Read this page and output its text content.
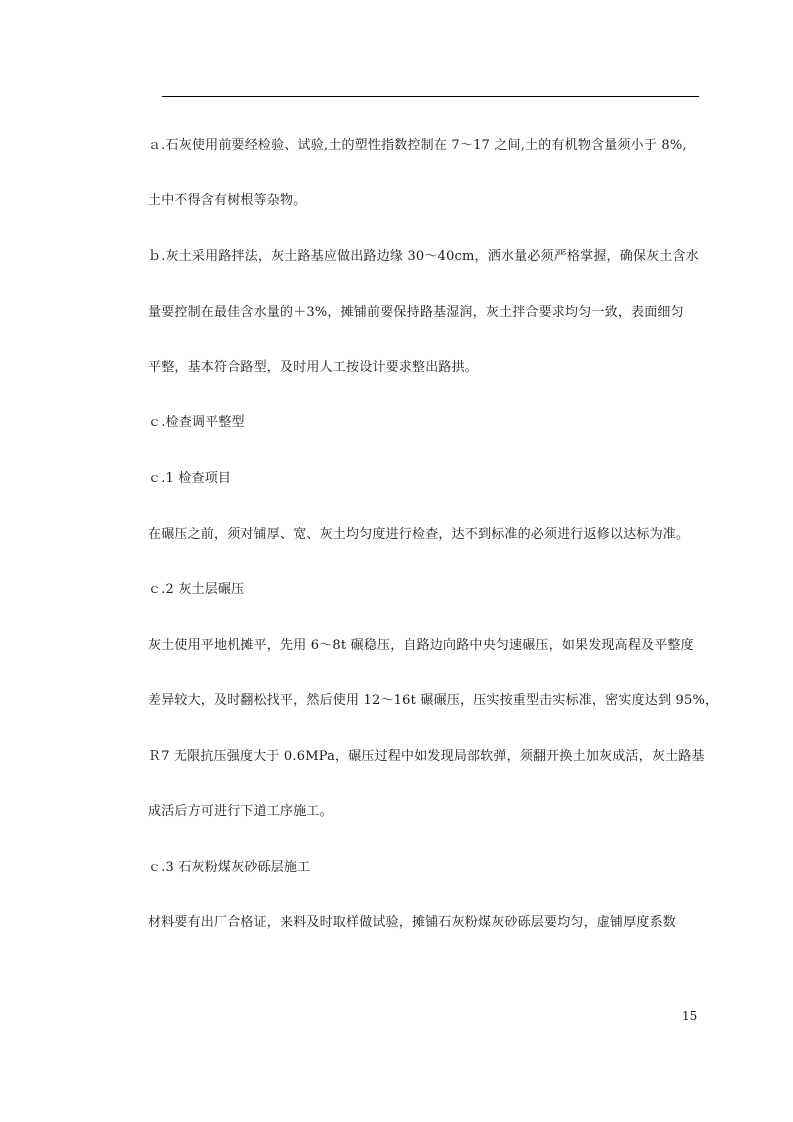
ａ.石灰使用前要经检验、试验,土的塑性指数控制在 7～17 之间,土的有机物含量须小于 8%,
土中不得含有树根等杂物。
ｂ.灰土采用路拌法，灰土路基应做出路边缘 30～40cm，洒水量必须严格掌握，确保灰土含水
量要控制在最佳含水量的＋3%，摊铺前要保持路基湿润，灰土拌合要求均匀一致，表面细匀
平整，基本符合路型，及时用人工按设计要求整出路拱。
ｃ.检查调平整型
ｃ.1 检查项目
在碾压之前，须对铺厚、宽、灰土均匀度进行检查，达不到标准的必须进行返修以达标为准。
ｃ.2 灰土层碾压
灰土使用平地机摊平，先用 6～8t 碾稳压，自路边向路中央匀速碾压，如果发现高程及平整度
差异较大，及时翻松找平，然后使用 12～16t 碾碾压，压实按重型击实标准，密实度达到 95%，
Ｒ7 无限抗压强度大于 0.6MPa，碾压过程中如发现局部软弹，须翻开换土加灰成活，灰土路基
成活后方可进行下道工序施工。
ｃ.3 石灰粉煤灰砂砾层施工
材料要有出厂合格证，来料及时取样做试验，摊铺石灰粉煤灰砂砾层要均匀，虚铺厚度系数
15
